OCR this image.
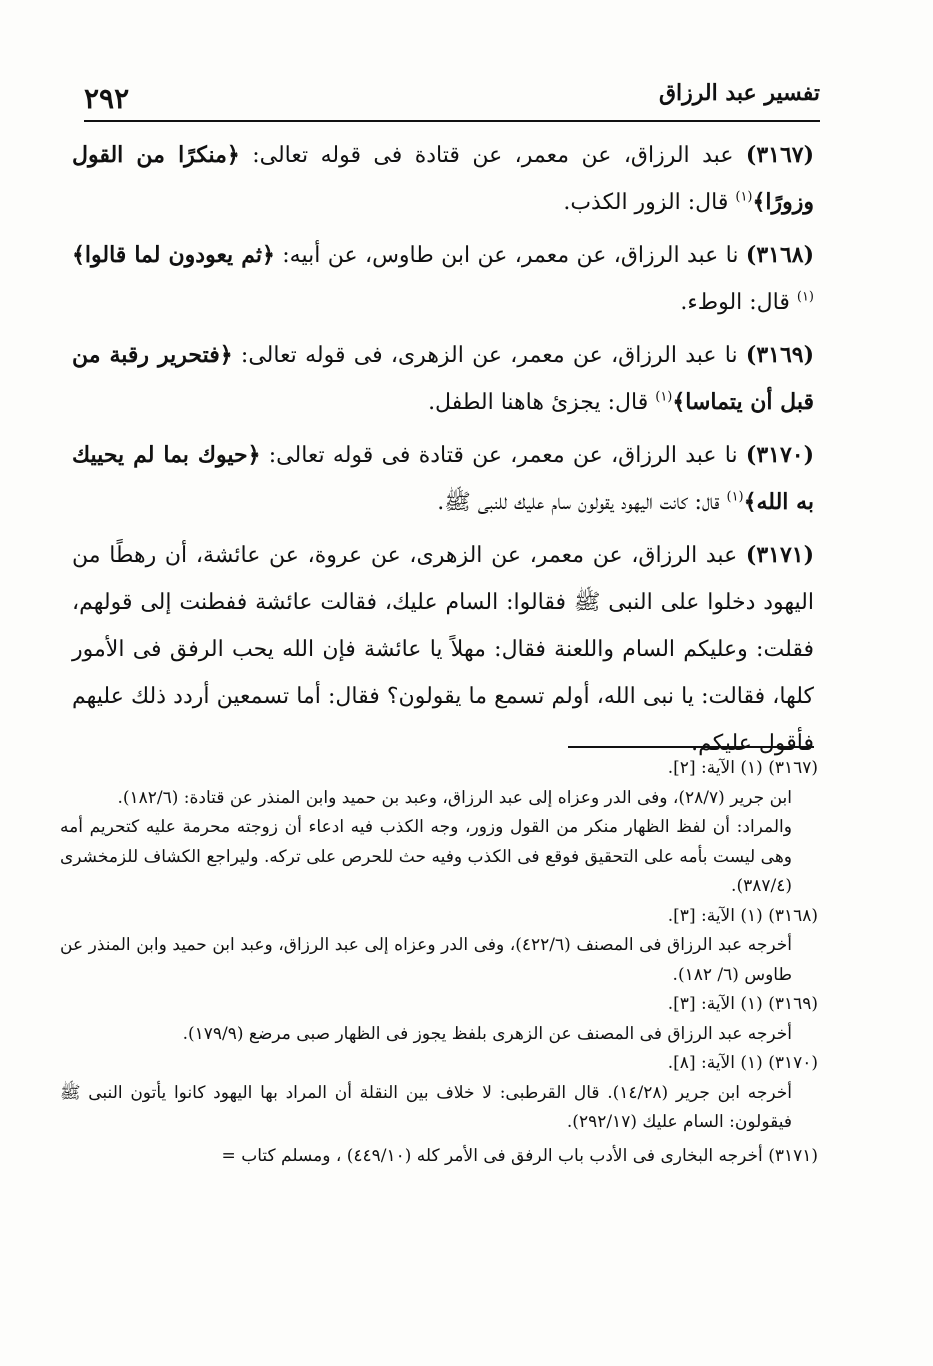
٢٩٢	تفسير عبد الرزاق

(٣١٦٧) عبد الرزاق، عن معمر، عن قتادة فى قوله تعالى: ﴿منكرًا من القول وزورًا﴾$^{(١)}$ قال: الزور الكذب.

(٣١٦٨) نا عبد الرزاق، عن معمر، عن ابن طاوس، عن أبيه: ﴿ثم يعودون لما قالوا﴾$^{(١)}$ قال: الوطء.

(٣١٦٩) نا عبد الرزاق، عن معمر، عن الزهرى، فى قوله تعالى: ﴿فتحرير رقبة من قبل أن يتماسا﴾$^{(١)}$ قال: يجزئ هاهنا الطفل.

(٣١٧٠) نا عبد الرزاق، عن معمر، عن قتادة فى قوله تعالى: ﴿حيوك بما لم يحييك به الله﴾$^{(١)}$ قال: كانت اليهود يقولون سام عليك للنبى ﷺ.

(٣١٧١) عبد الرزاق، عن معمر، عن الزهرى، عن عروة، عن عائشة، أن رهطًا من اليهود دخلوا على النبى ﷺ فقالوا: السام عليك، فقالت عائشة ففطنت إلى قولهم، فقلت: وعليكم السام واللعنة فقال: مهلاً يا عائشة فإن الله يحب الرفق فى الأمور كلها، فقالت: يا نبى الله، أولم تسمع ما يقولون؟ فقال: أما تسمعين أردد ذلك عليهم فأقول عليكم.

(٣١٦٧) (١) الآية: [٢].

ابن جرير (٢٨/٧)، وفى الدر وعزاه إلى عبد الرزاق، وعبد بن حميد وابن المنذر عن قتادة: (١٨٢/٦).

والمراد: أن لفظ الظهار منكر من القول وزور، وجه الكذب فيه ادعاء أن زوجته محرمة عليه كتحريم أمه وهى ليست بأمه على التحقيق فوقع فى الكذب وفيه حث للحرص على تركه. وليراجع الكشاف للزمخشرى (٣٨٧/٤).

(٣١٦٨) (١) الآية: [٣].

أخرجه عبد الرزاق فى المصنف (٤٢٢/٦)، وفى الدر وعزاه إلى عبد الرزاق، وعبد ابن حميد وابن المنذر عن طاوس (٦/ ١٨٢).

(٣١٦٩) (١) الآية: [٣].

أخرجه عبد الرزاق فى المصنف عن الزهرى بلفظ يجوز فى الظهار صبى مرضع (١٧٩/٩).

(٣١٧٠) (١) الآية: [٨].

أخرجه ابن جرير (١٤/٢٨). قال القرطبى: لا خلاف بين النقلة أن المراد بها اليهود كانوا يأتون النبى ﷺ فيقولون: السام عليك (٢٩٢/١٧).

(٣١٧١) أخرجه البخارى فى الأدب باب الرفق فى الأمر كله (٤٤٩/١٠) ، ومسلم كتاب =
